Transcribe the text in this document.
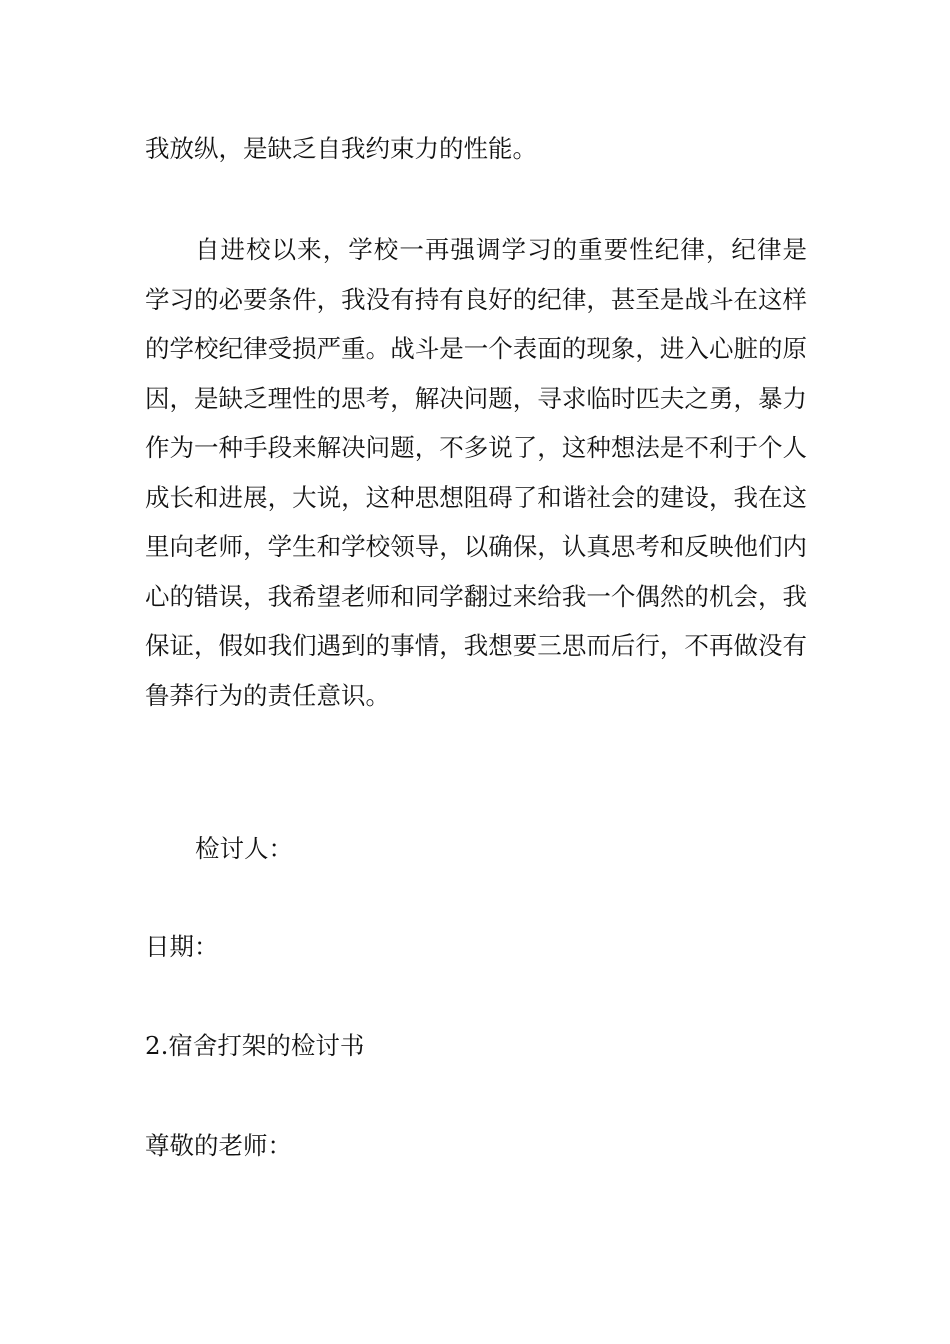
我放纵，是缺乏自我约束力的性能。

自进校以来，学校一再强调学习的重要性纪律，纪律是学习的必要条件，我没有持有良好的纪律，甚至是战斗在这样的学校纪律受损严重。战斗是一个表面的现象，进入心脏的原因，是缺乏理性的思考，解决问题，寻求临时匹夫之勇，暴力作为一种手段来解决问题，不多说了，这种想法是不利于个人成长和进展，大说，这种思想阻碍了和谐社会的建设，我在这里向老师，学生和学校领导，以确保，认真思考和反映他们内心的错误，我希望老师和同学翻过来给我一个偶然的机会，我保证，假如我们遇到的事情，我想要三思而后行，不再做没有鲁莽行为的责任意识。

检讨人：

日期：

2.宿舍打架的检讨书

尊敬的老师：
